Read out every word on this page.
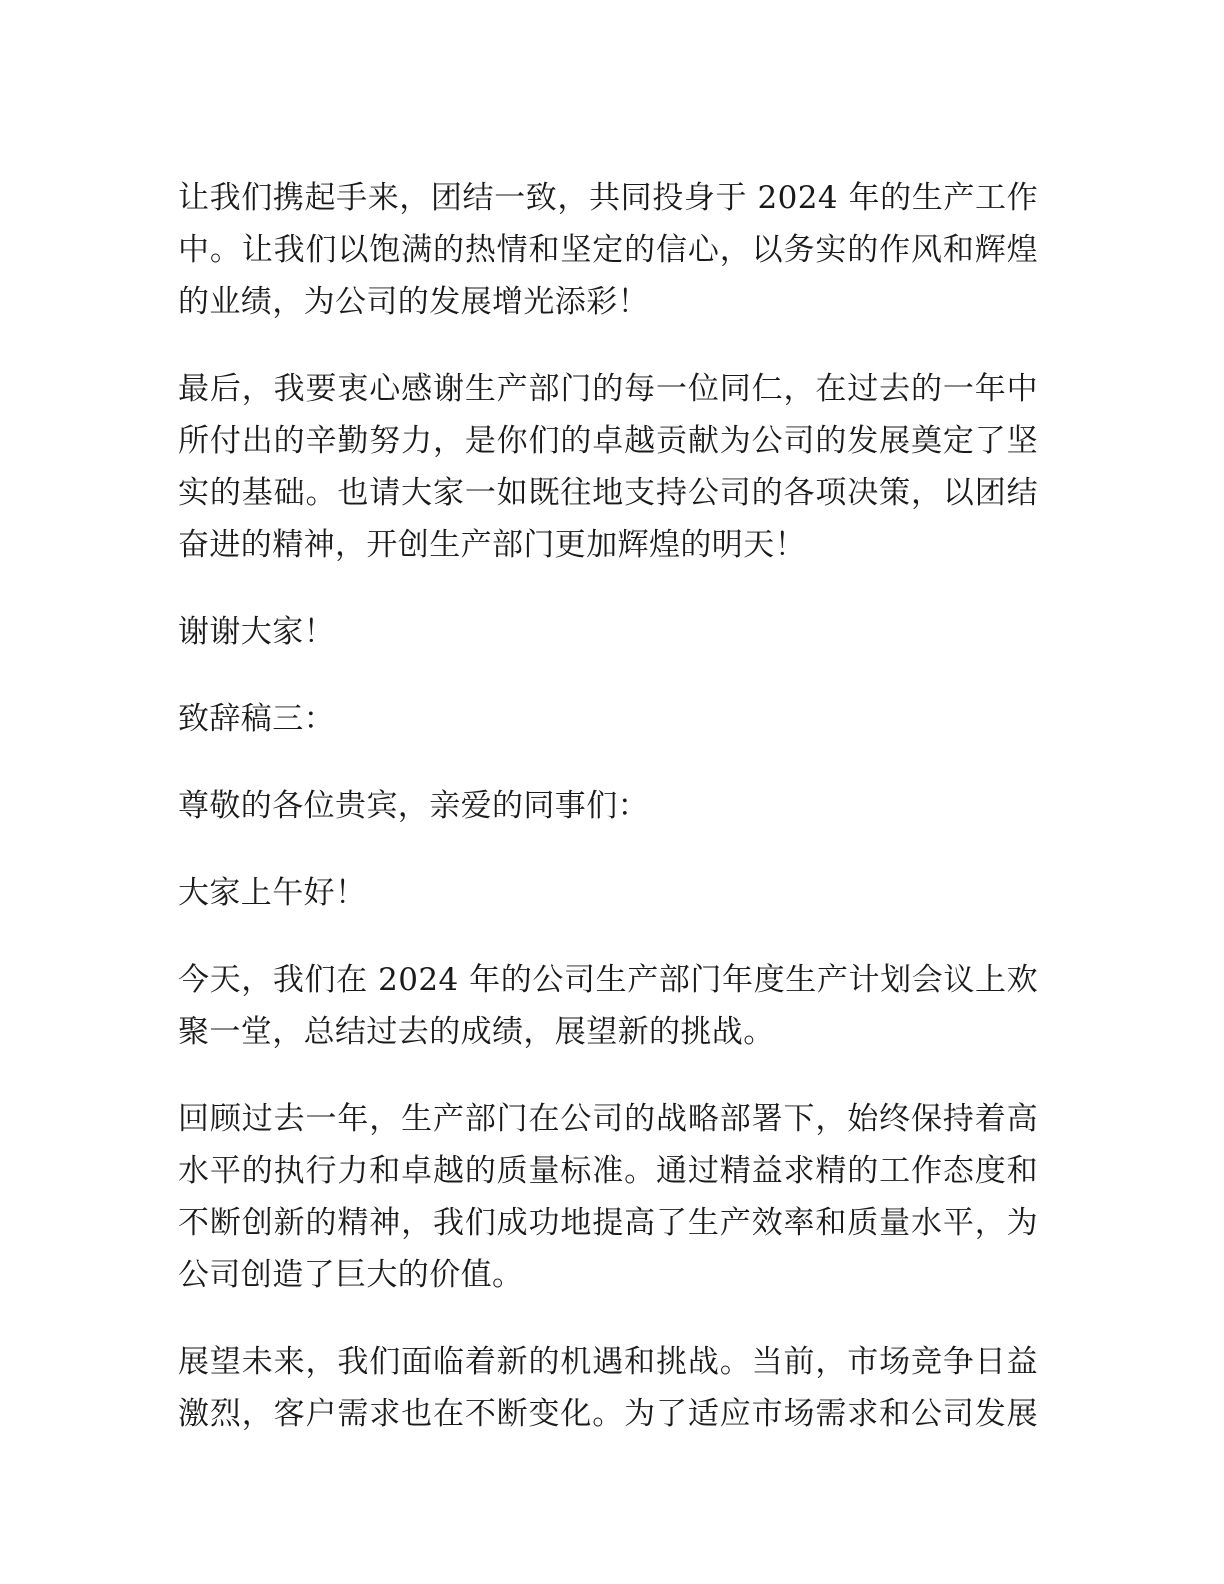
让我们携起手来，团结一致，共同投身于 2024 年的生产工作
中。让我们以饱满的热情和坚定的信心，以务实的作风和辉煌
的业绩，为公司的发展增光添彩！

最后，我要衷心感谢生产部门的每一位同仁，在过去的一年中
所付出的辛勤努力，是你们的卓越贡献为公司的发展奠定了坚
实的基础。也请大家一如既往地支持公司的各项决策，以团结
奋进的精神，开创生产部门更加辉煌的明天！

谢谢大家！

致辞稿三：

尊敬的各位贵宾，亲爱的同事们：

大家上午好！

今天，我们在 2024 年的公司生产部门年度生产计划会议上欢
聚一堂，总结过去的成绩，展望新的挑战。

回顾过去一年，生产部门在公司的战略部署下，始终保持着高
水平的执行力和卓越的质量标准。通过精益求精的工作态度和
不断创新的精神，我们成功地提高了生产效率和质量水平，为
公司创造了巨大的价值。

展望未来，我们面临着新的机遇和挑战。当前，市场竞争日益
激烈，客户需求也在不断变化。为了适应市场需求和公司发展
